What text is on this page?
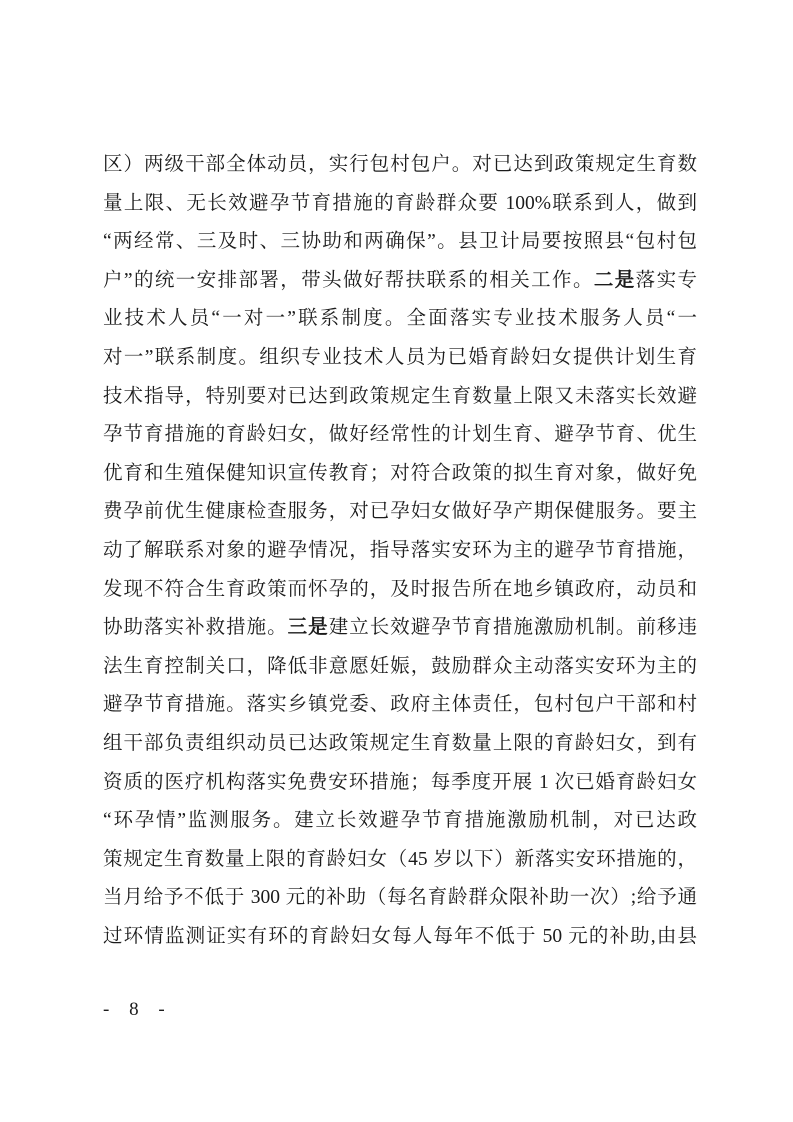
区）两级干部全体动员，实行包村包户。对已达到政策规定生育数
量上限、无长效避孕节育措施的育龄群众要 100%联系到人，做到
“两经常、三及时、三协助和两确保”。县卫计局要按照县“包村包
户”的统一安排部署，带头做好帮扶联系的相关工作。二是落实专
业技术人员“一对一”联系制度。全面落实专业技术服务人员“一
对一”联系制度。组织专业技术人员为已婚育龄妇女提供计划生育
技术指导，特别要对已达到政策规定生育数量上限又未落实长效避
孕节育措施的育龄妇女，做好经常性的计划生育、避孕节育、优生
优育和生殖保健知识宣传教育；对符合政策的拟生育对象，做好免
费孕前优生健康检查服务，对已孕妇女做好孕产期保健服务。要主
动了解联系对象的避孕情况，指导落实安环为主的避孕节育措施，
发现不符合生育政策而怀孕的，及时报告所在地乡镇政府，动员和
协助落实补救措施。三是建立长效避孕节育措施激励机制。前移违
法生育控制关口，降低非意愿妊娠，鼓励群众主动落实安环为主的
避孕节育措施。落实乡镇党委、政府主体责任，包村包户干部和村
组干部负责组织动员已达政策规定生育数量上限的育龄妇女，到有
资质的医疗机构落实免费安环措施；每季度开展 1 次已婚育龄妇女
“环孕情”监测服务。建立长效避孕节育措施激励机制，对已达政
策规定生育数量上限的育龄妇女（45 岁以下）新落实安环措施的，
当月给予不低于 300 元的补助（每名育龄群众限补助一次）;给予通
过环情监测证实有环的育龄妇女每人每年不低于 50 元的补助,由县
- 8 -
